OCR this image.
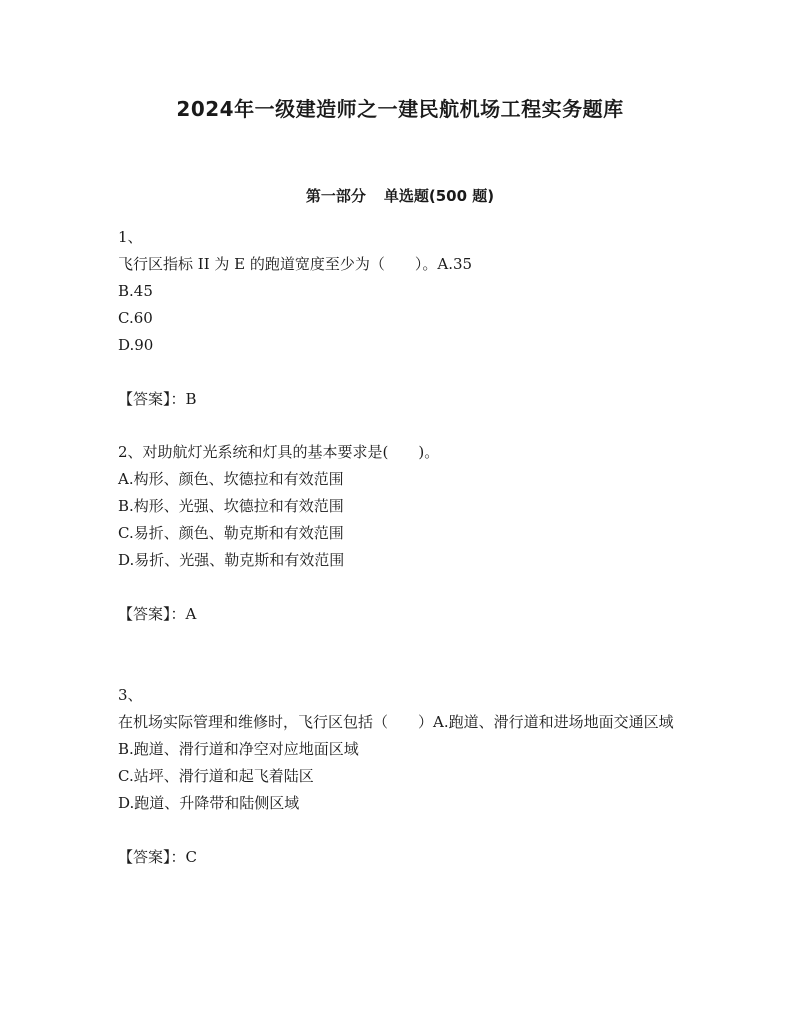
2024年一级建造师之一建民航机场工程实务题库
第一部分 单选题(500 题)
1、
飞行区指标 II 为 E 的跑道宽度至少为（　　）。A.35
B.45
C.60
D.90
【答案】：B
2、对助航灯光系统和灯具的基本要求是(　　)。
A.构形、颜色、坎德拉和有效范围
B.构形、光强、坎德拉和有效范围
C.易折、颜色、勒克斯和有效范围
D.易折、光强、勒克斯和有效范围
【答案】：A
3、
在机场实际管理和维修时，飞行区包括（　　）A.跑道、滑行道和进场地面交通区域
B.跑道、滑行道和净空对应地面区域
C.站坪、滑行道和起飞着陆区
D.跑道、升降带和陆侧区域
【答案】：C
